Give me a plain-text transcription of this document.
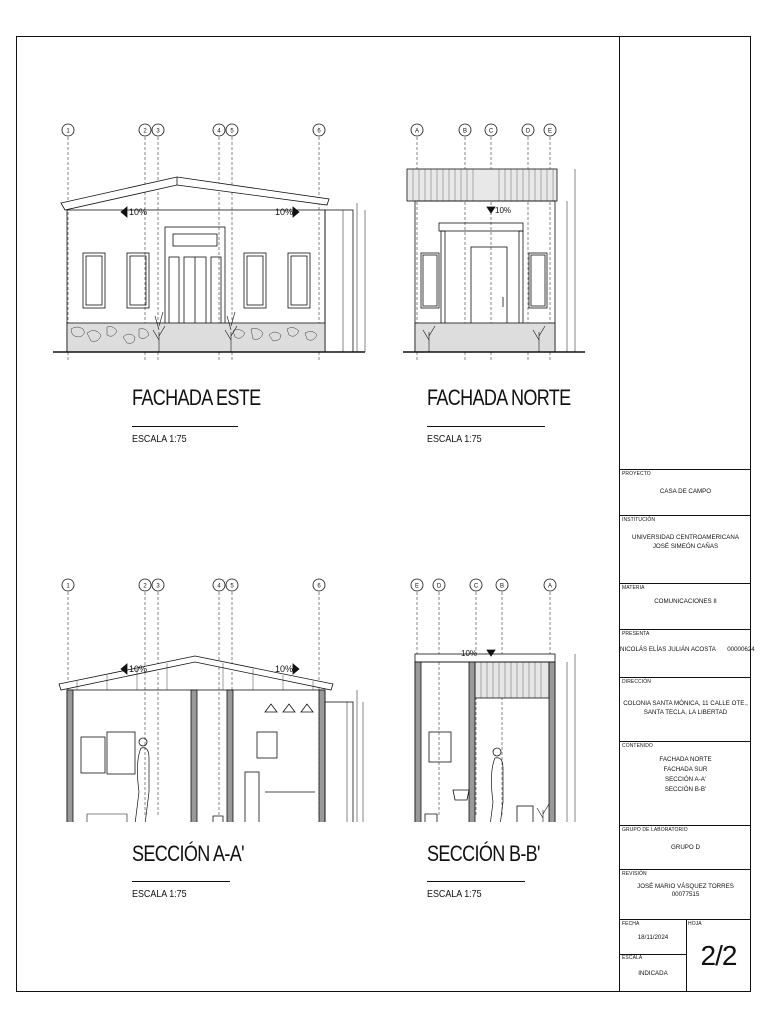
10%	10%
1	2 3	4 5	6
FACHADA ESTE
ESCALA 1:75
10%
A	B	C	D	E
FACHADA NORTE
ESCALA 1:75
10%	10%
1	2 3	4 5	6
SECCIÓN A-A'
ESCALA 1:75
10%
E	D	C	B	A
SECCIÓN B-B'
ESCALA 1:75
PROYECTO
CASA DE CAMPO
INSTITUCIÓN
UNIVERSIDAD CENTROAMERICANA
JOSÉ SIMEÓN CAÑAS
MATERIA
COMUNICACIONES II
PRESENTA
NICOLÁS ELÍAS JULIÁN ACOSTA 00000624
DIRECCIÓN
COLONIA SANTA MÓNICA, 11 CALLE OTE.,
SANTA TECLA, LA LIBERTAD
CONTENIDO
FACHADA NORTE
FACHADA SUR
SECCIÓN A-A'
SECCIÓN B-B'
GRUPO DE LABORATORIO
GRUPO D
REVISIÓN
JOSÉ MARIO VÁSQUEZ TORRES
00077515
FECHA
18/11/2024
ESCALA
INDICADA
HOJA
2/2
